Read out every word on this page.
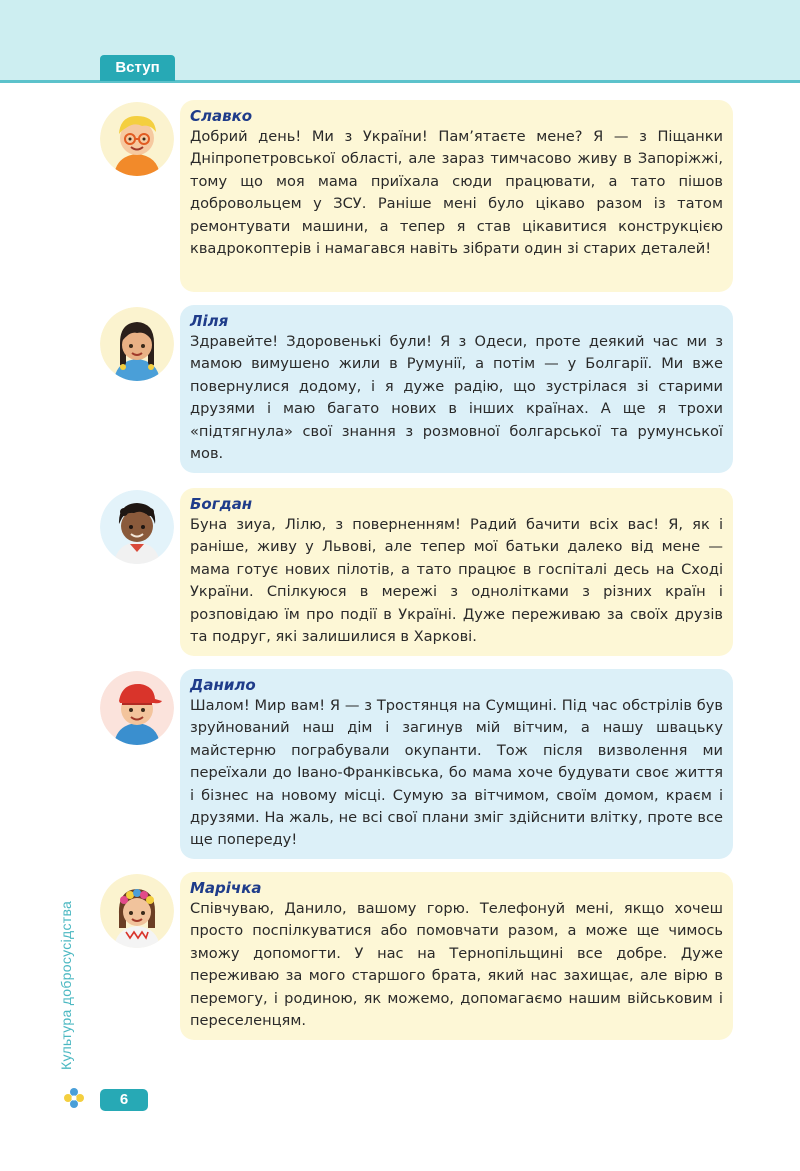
Вступ

Славко

Добрий день! Ми з України! Пам’ятаєте мене? Я — з Піщанки Дніпропетровської області, але зараз тимчасово живу в Запоріжжі, тому що моя мама приїхала сюди працювати, а тато пішов добровольцем у ЗСУ. Раніше мені було цікаво разом із татом ремонтувати машини, а тепер я став цікавитися конструкцією квадрокоптерів і намагався навіть зібрати один зі старих деталей!

Ліля

Здравейте! Здоровенькі були! Я з Одеси, проте деякий час ми з мамою вимушено жили в Румунії, а потім — у Болгарії. Ми вже повернулися додому, і я дуже радію, що зустрілася зі старими друзями і маю багато нових в інших країнах. А ще я трохи «підтягнула» свої знання з розмовної болгарської та румунської мов.

Богдан

Буна зиуа, Лілю, з поверненням! Радий бачити всіх вас! Я, як і раніше, живу у Львові, але тепер мої батьки далеко від мене — мама готує нових пілотів, а тато працює в госпіталі десь на Сході України. Спілкуюся в мережі з однолітками з різних країн і розповідаю їм про події в Україні. Дуже переживаю за своїх друзів та подруг, які залишилися в Харкові.

Данило

Шалом! Мир вам! Я — з Тростянця на Сумщині. Під час обстрілів був зруйнований наш дім і загинув мій вітчим, а нашу швацьку майстерню пограбували окупанти. Тож після визволення ми переїхали до Івано-Франківська, бо мама хоче будувати своє життя і бізнес на новому місці. Сумую за вітчимом, своїм домом, краєм і друзями. На жаль, не всі свої плани зміг здійснити влітку, проте все ще попереду!

Марічка

Співчуваю, Данило, вашому горю. Телефонуй мені, якщо хочеш просто поспілкуватися або помовчати разом, а може ще чимось зможу допомогти. У нас на Тернопільщині все добре. Дуже переживаю за мого старшого брата, який нас захищає, але вірю в перемогу, і родиною, як можемо, допомагаємо нашим військовим і переселенцям.

Культура добросусідства
6
